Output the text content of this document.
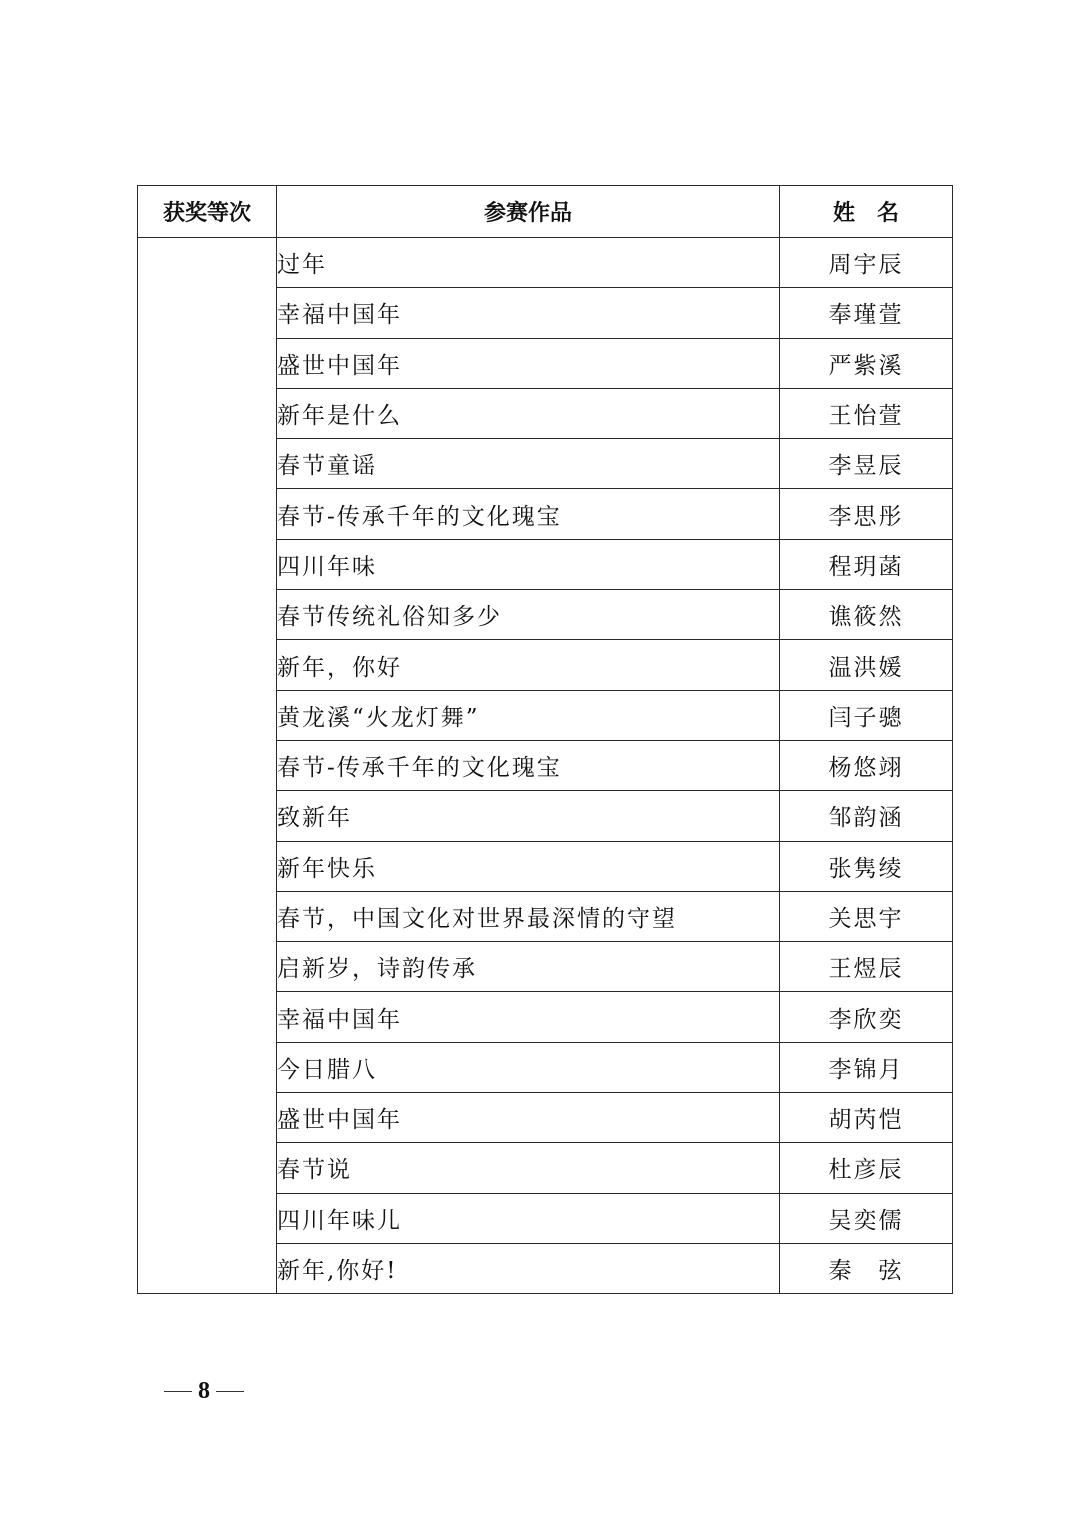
获奖等次	参赛作品	姓名
	过年	周宇辰
	幸福中国年	奉瑾萱
	盛世中国年	严紫溪
	新年是什么	王怡萱
	春节童谣	李昱辰
	春节-传承千年的文化瑰宝	李思彤
	四川年味	程玥菡
	春节传统礼俗知多少	谯筱然
	新年，你好	温洪媛
	黄龙溪“火龙灯舞”	闫子骢
	春节-传承千年的文化瑰宝	杨悠翊
	致新年	邹韵涵
	新年快乐	张隽绫
	春节，中国文化对世界最深情的守望	关思宇
	启新岁，诗韵传承	王煜辰
	幸福中国年	李欣奕
	今日腊八	李锦月
	盛世中国年	胡芮恺
	春节说	杜彦辰
	四川年味儿	吴奕儒
	新年,你好!	秦　弦
8
